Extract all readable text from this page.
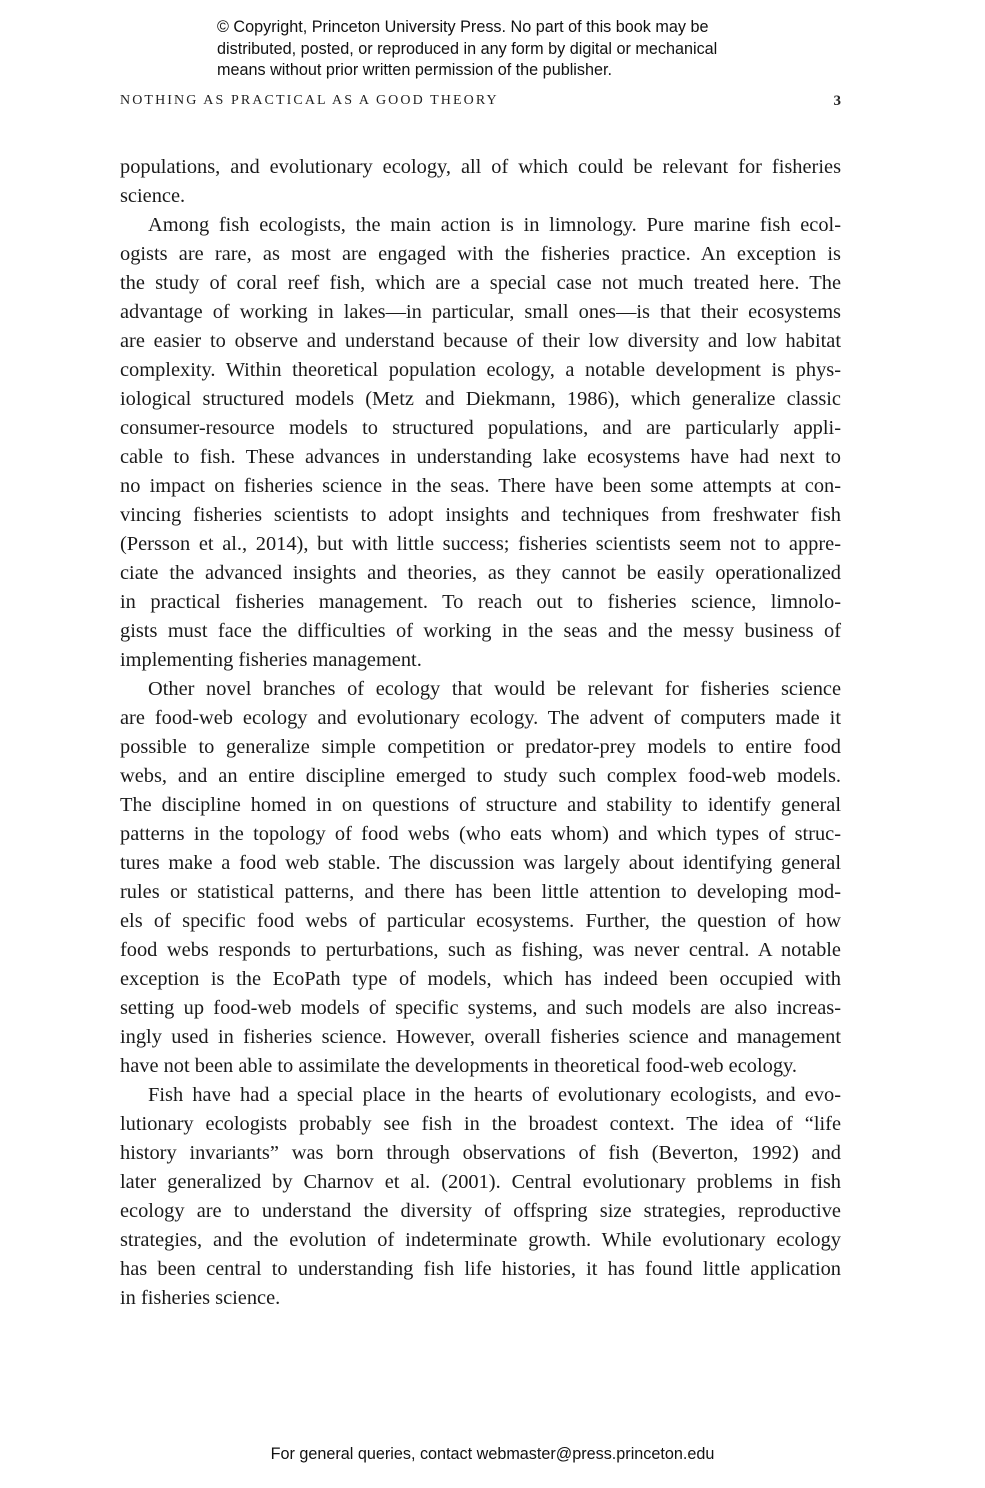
© Copyright, Princeton University Press. No part of this book may be
distributed, posted, or reproduced in any form by digital or mechanical
means without prior written permission of the publisher.
NOTHING AS PRACTICAL AS A GOOD THEORY	3

populations, and evolutionary ecology, all of which could be relevant for fisheries
science.

Among fish ecologists, the main action is in limnology. Pure marine fish ecol-
ogists are rare, as most are engaged with the fisheries practice. An exception is
the study of coral reef fish, which are a special case not much treated here. The
advantage of working in lakes—in particular, small ones—is that their ecosystems
are easier to observe and understand because of their low diversity and low habitat
complexity. Within theoretical population ecology, a notable development is phys-
iological structured models (Metz and Diekmann, 1986), which generalize classic
consumer-resource models to structured populations, and are particularly appli-
cable to fish. These advances in understanding lake ecosystems have had next to
no impact on fisheries science in the seas. There have been some attempts at con-
vincing fisheries scientists to adopt insights and techniques from freshwater fish
(Persson et al., 2014), but with little success; fisheries scientists seem not to appre-
ciate the advanced insights and theories, as they cannot be easily operationalized
in practical fisheries management. To reach out to fisheries science, limnolo-
gists must face the difficulties of working in the seas and the messy business of
implementing fisheries management.

Other novel branches of ecology that would be relevant for fisheries science
are food-web ecology and evolutionary ecology. The advent of computers made it
possible to generalize simple competition or predator-prey models to entire food
webs, and an entire discipline emerged to study such complex food-web models.
The discipline homed in on questions of structure and stability to identify general
patterns in the topology of food webs (who eats whom) and which types of struc-
tures make a food web stable. The discussion was largely about identifying general
rules or statistical patterns, and there has been little attention to developing mod-
els of specific food webs of particular ecosystems. Further, the question of how
food webs responds to perturbations, such as fishing, was never central. A notable
exception is the EcoPath type of models, which has indeed been occupied with
setting up food-web models of specific systems, and such models are also increas-
ingly used in fisheries science. However, overall fisheries science and management
have not been able to assimilate the developments in theoretical food-web ecology.

Fish have had a special place in the hearts of evolutionary ecologists, and evo-
lutionary ecologists probably see fish in the broadest context. The idea of “life
history invariants” was born through observations of fish (Beverton, 1992) and
later generalized by Charnov et al. (2001). Central evolutionary problems in fish
ecology are to understand the diversity of offspring size strategies, reproductive
strategies, and the evolution of indeterminate growth. While evolutionary ecology
has been central to understanding fish life histories, it has found little application
in fisheries science.

For general queries, contact webmaster@press.princeton.edu
